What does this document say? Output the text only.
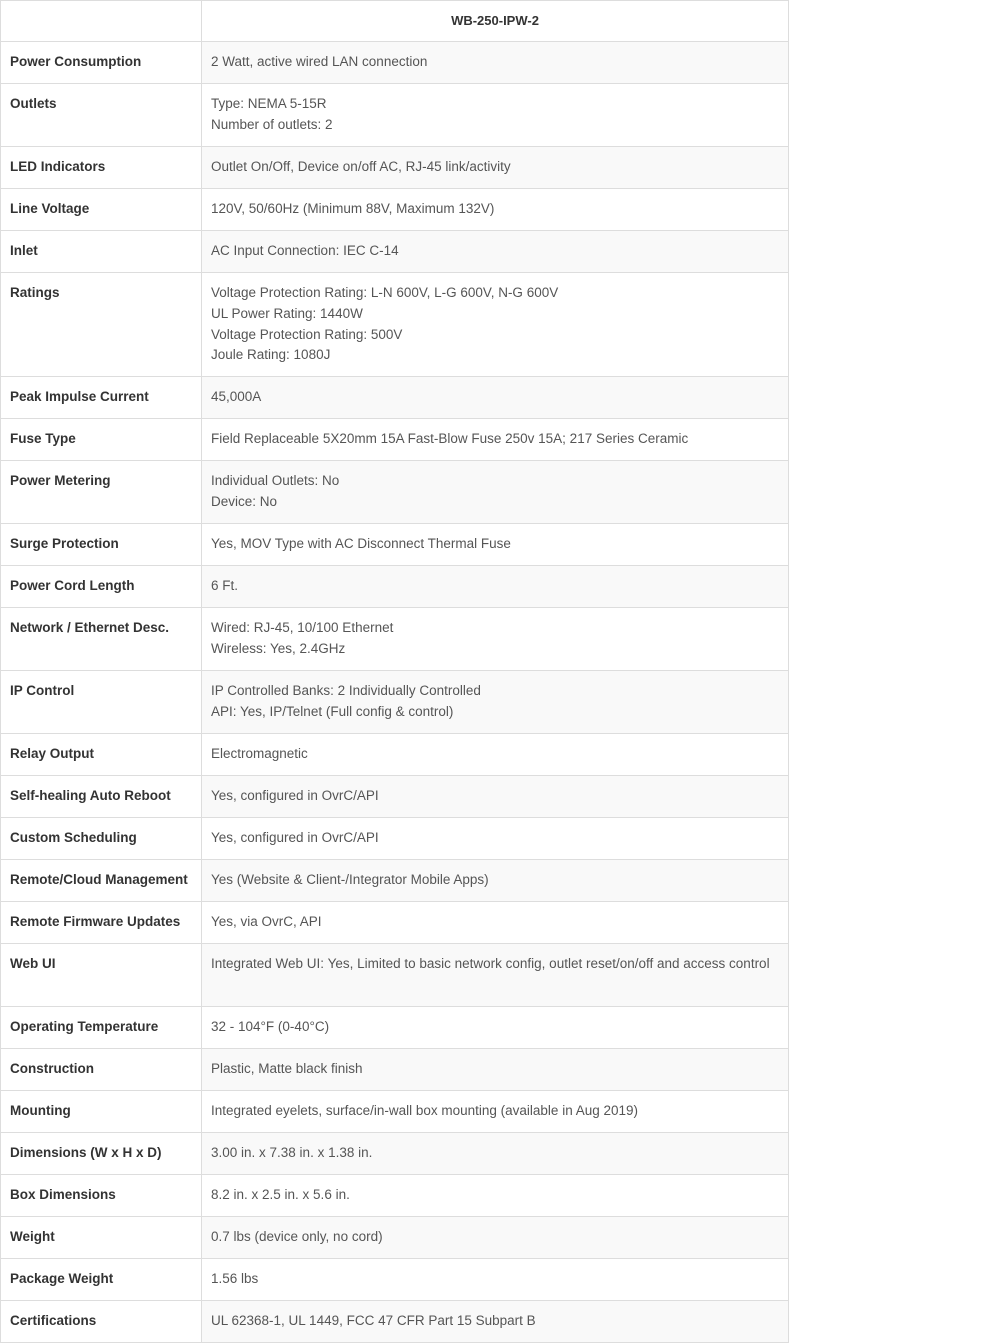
	WB-250-IPW-2
Power Consumption	2 Watt, active wired LAN connection

Outlets	Type: NEMA 5-15R
Number of outlets: 2

LED Indicators	Outlet On/Off, Device on/off AC, RJ-45 link/activity

Line Voltage	120V, 50/60Hz (Minimum 88V, Maximum 132V)

Inlet	AC Input Connection: IEC C-14

Ratings	Voltage Protection Rating: L-N 600V, L-G 600V, N-G 600V
UL Power Rating: 1440W
Voltage Protection Rating: 500V
Joule Rating: 1080J

Peak Impulse Current	45,000A

Fuse Type	Field Replaceable 5X20mm 15A Fast-Blow Fuse 250v 15A; 217 Series Ceramic

Power Metering	Individual Outlets: No
Device: No

Surge Protection	Yes, MOV Type with AC Disconnect Thermal Fuse

Power Cord Length	6 Ft.

Network / Ethernet Desc.	Wired: RJ-45, 10/100 Ethernet
Wireless: Yes, 2.4GHz

IP Control	IP Controlled Banks: 2 Individually Controlled
API: Yes, IP/Telnet (Full config & control)

Relay Output	Electromagnetic

Self-healing Auto Reboot	Yes, configured in OvrC/API

Custom Scheduling	Yes, configured in OvrC/API

Remote/Cloud Management	Yes (Website & Client-/Integrator Mobile Apps)

Remote Firmware Updates	Yes, via OvrC, API

Web UI	Integrated Web UI: Yes, Limited to basic network config, outlet reset/on/off and access control

Operating Temperature	32 - 104°F (0-40°C)

Construction	Plastic, Matte black finish

Mounting	Integrated eyelets, surface/in-wall box mounting (available in Aug 2019)

Dimensions (W x H x D)	3.00 in. x 7.38 in. x 1.38 in.

Box Dimensions	8.2 in. x 2.5 in. x 5.6 in.

Weight	0.7 lbs (device only, no cord)

Package Weight	1.56 lbs

Certifications	UL 62368-1, UL 1449, FCC 47 CFR Part 15 Subpart B
